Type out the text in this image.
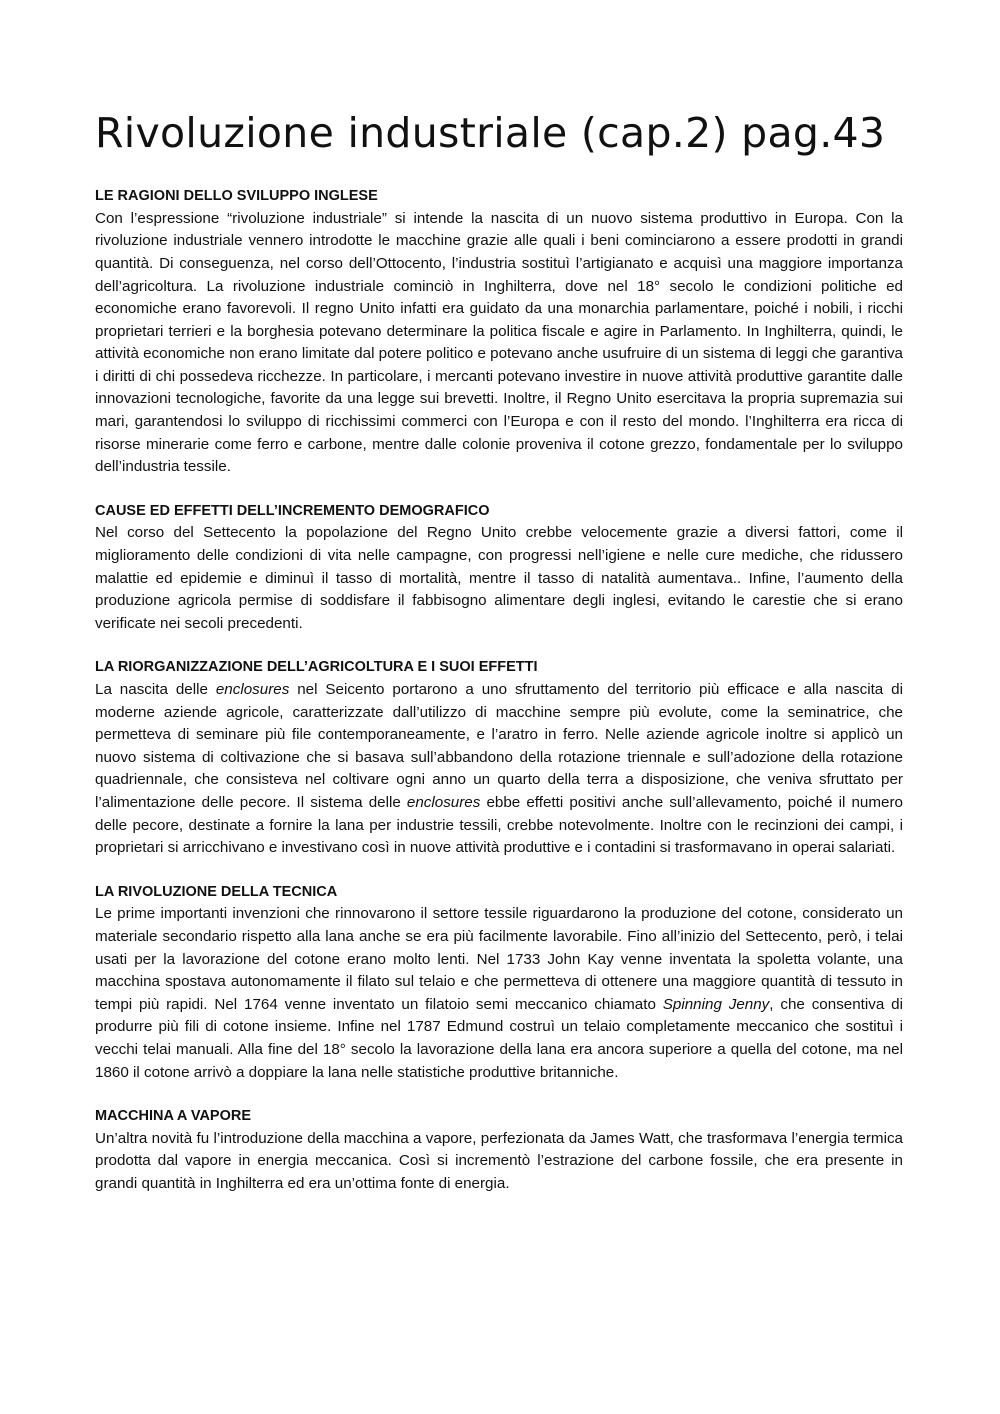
Rivoluzione industriale (cap.2) pag.43

LE RAGIONI DELLO SVILUPPO INGLESE

Con l’espressione “rivoluzione industriale” si intende la nascita di un nuovo sistema produttivo in Europa. Con la rivoluzione industriale vennero introdotte le macchine grazie alle quali i beni cominciarono a essere prodotti in grandi quantità. Di conseguenza, nel corso dell’Ottocento, l’industria sostituì l’artigianato e acquisì una maggiore importanza dell’agricoltura. La rivoluzione industriale cominciò in Inghilterra, dove nel 18° secolo le condizioni politiche ed economiche erano favorevoli. Il regno Unito infatti era guidato da una monarchia parlamentare, poiché i nobili, i ricchi proprietari terrieri e la borghesia potevano determinare la politica fiscale e agire in Parlamento. In Inghilterra, quindi, le attività economiche non erano limitate dal potere politico e potevano anche usufruire di un sistema di leggi che garantiva i diritti di chi possedeva ricchezze. In particolare, i mercanti potevano investire in nuove attività produttive garantite dalle innovazioni tecnologiche, favorite da una legge sui brevetti. Inoltre, il Regno Unito esercitava la propria supremazia sui mari, garantendosi lo sviluppo di ricchissimi commerci con l’Europa e con il resto del mondo. l’Inghilterra era ricca di risorse minerarie come ferro e carbone, mentre dalle colonie proveniva il cotone grezzo, fondamentale per lo sviluppo dell’industria tessile.

CAUSE ED EFFETTI DELL’INCREMENTO DEMOGRAFICO

Nel corso del Settecento la popolazione del Regno Unito crebbe velocemente grazie a diversi fattori, come il miglioramento delle condizioni di vita nelle campagne, con progressi nell’igiene e nelle cure mediche, che ridussero malattie ed epidemie e diminuì il tasso di mortalità, mentre il tasso di natalità aumentava.. Infine, l’aumento della produzione agricola permise di soddisfare il fabbisogno alimentare degli inglesi, evitando le carestie che si erano verificate nei secoli precedenti.

LA RIORGANIZZAZIONE DELL’AGRICOLTURA E I SUOI EFFETTI

La nascita delle enclosures nel Seicento portarono a uno sfruttamento del territorio più efficace e alla nascita di moderne aziende agricole, caratterizzate dall’utilizzo di macchine sempre più evolute, come la seminatrice, che permetteva di seminare più file contemporaneamente, e l’aratro in ferro. Nelle aziende agricole inoltre si applicò un nuovo sistema di coltivazione che si basava sull’abbandono della rotazione triennale e sull’adozione della rotazione quadriennale, che consisteva nel coltivare ogni anno un quarto della terra a disposizione, che veniva sfruttato per l’alimentazione delle pecore. Il sistema delle enclosures ebbe effetti positivi anche sull’allevamento, poiché il numero delle pecore, destinate a fornire la lana per industrie tessili, crebbe notevolmente. Inoltre con le recinzioni dei campi, i proprietari si arricchivano e investivano così in nuove attività produttive e i contadini si trasformavano in operai salariati.

LA RIVOLUZIONE DELLA TECNICA

Le prime importanti invenzioni che rinnovarono il settore tessile riguardarono la produzione del cotone, considerato un materiale secondario rispetto alla lana anche se era più facilmente lavorabile. Fino all’inizio del Settecento, però, i telai usati per la lavorazione del cotone erano molto lenti. Nel 1733 John Kay venne inventata la spoletta volante, una macchina spostava autonomamente il filato sul telaio e che permetteva di ottenere una maggiore quantità di tessuto in tempi più rapidi. Nel 1764 venne inventato un filatoio semi meccanico chiamato Spinning Jenny, che consentiva di produrre più fili di cotone insieme. Infine nel 1787 Edmund costruì un telaio completamente meccanico che sostituì i vecchi telai manuali. Alla fine del 18° secolo la lavorazione della lana era ancora superiore a quella del cotone, ma nel 1860 il cotone arrivò a doppiare la lana nelle statistiche produttive britanniche.

MACCHINA A VAPORE

Un’altra novità fu l’introduzione della macchina a vapore, perfezionata da James Watt, che trasformava l’energia termica prodotta dal vapore in energia meccanica. Così si incrementò l’estrazione del carbone fossile, che era presente in grandi quantità in Inghilterra ed era un’ottima fonte di energia.
